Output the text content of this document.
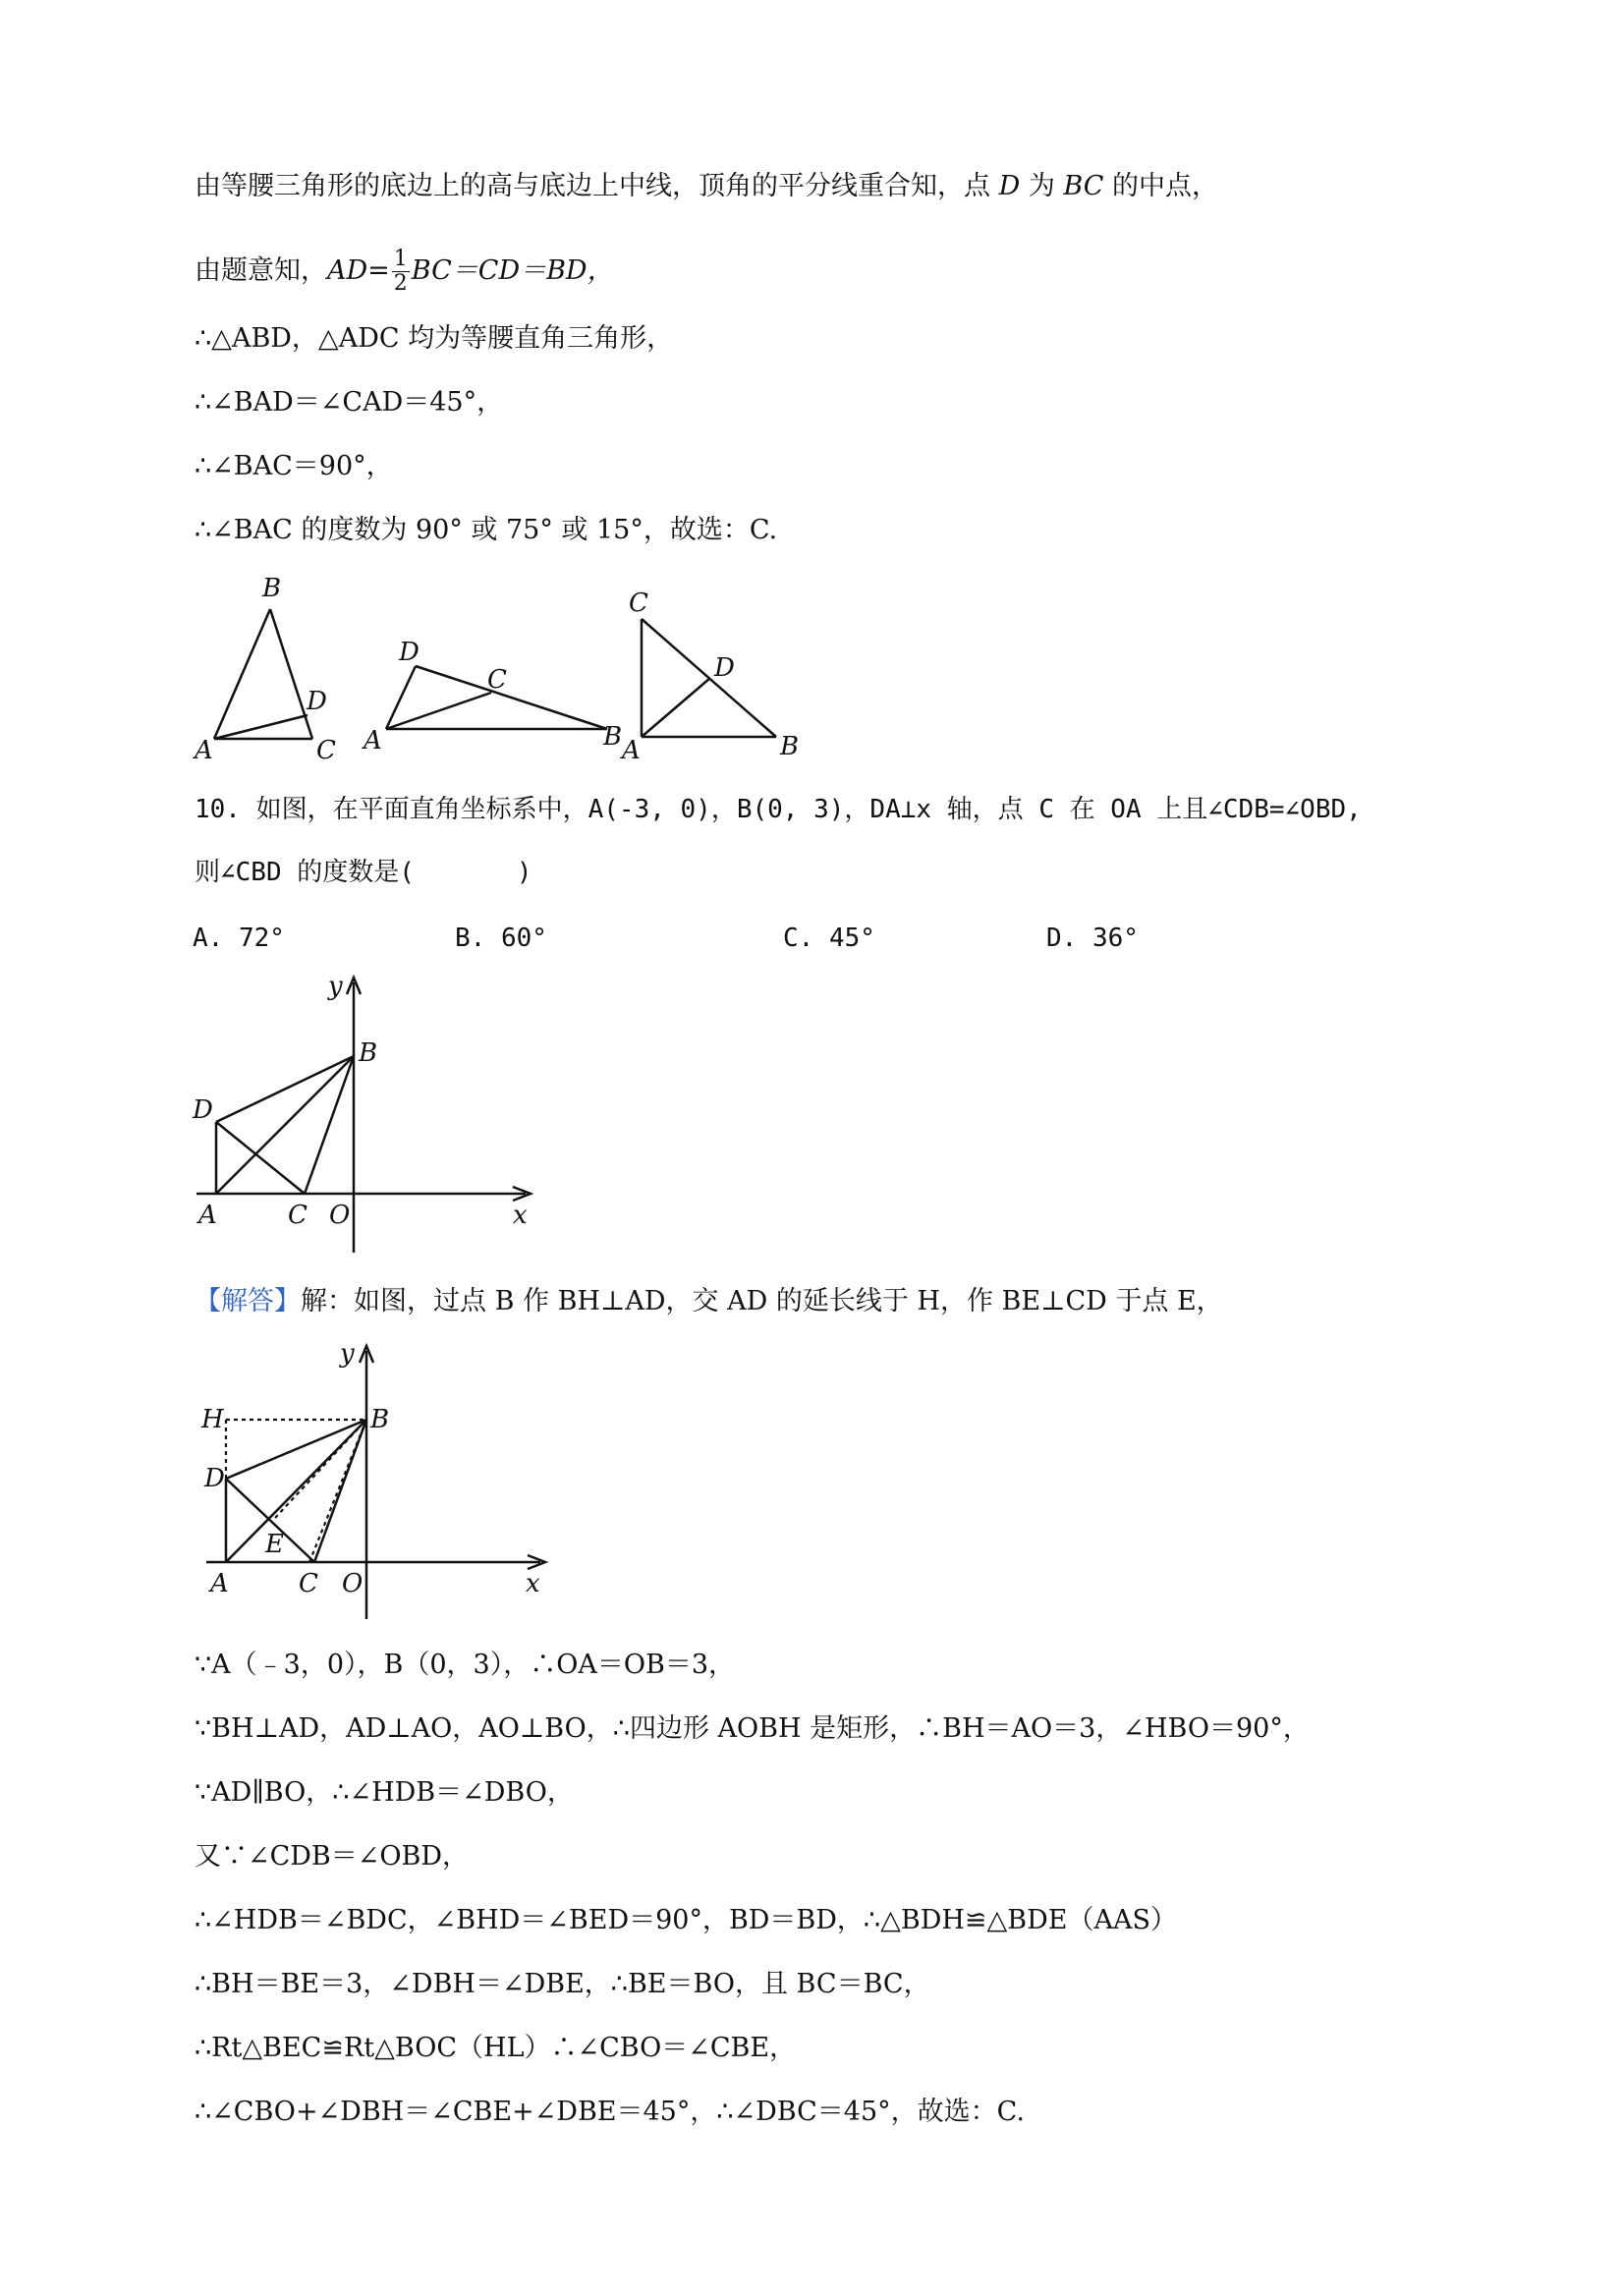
由等腰三角形的底边上的高与底边上中线，顶角的平分线重合知，点 D 为 BC 的中点，
由题意知，$AD= \frac{1}{2} BC=CD=BD$，
∴△ABD，△ADC 均为等腰直角三角形，
∴∠BAD＝∠CAD＝45°，
∴∠BAC＝90°，
∴∠BAC 的度数为 90° 或 75° 或 15°，故选：C.
B
D
A	C
D
C
A	B
C
D
A	B
10. 如图，在平面直角坐标系中，A(-3, 0)，B(0, 3)，DA⊥x 轴，点 C 在 OA 上且∠CDB=∠OBD,
则∠CBD 的度数是(　　　　)
A. 72°	B. 60°	C. 45°	D. 36°
y
B
D
A	C O	x
【解答】解：如图，过点 B 作 BH⊥AD，交 AD 的延长线于 H，作 BE⊥CD 于点 E，
y
H	B
D
E
A	C O	x
∵A（﹣3，0），B（0，3），∴OA＝OB＝3，
∵BH⊥AD，AD⊥AO，AO⊥BO，∴四边形 AOBH 是矩形，∴BH＝AO＝3，∠HBO＝90°，
∵AD∥BO，∴∠HDB＝∠DBO，
又∵∠CDB＝∠OBD，
∴∠HDB＝∠BDC，∠BHD＝∠BED＝90°，BD＝BD，∴△BDH≌△BDE（AAS）
∴BH＝BE＝3，∠DBH＝∠DBE，∴BE＝BO，且 BC＝BC，
∴Rt△BEC≌Rt△BOC（HL）∴∠CBO＝∠CBE，
∴∠CBO+∠DBH＝∠CBE+∠DBE＝45°，∴∠DBC＝45°，故选：C.
